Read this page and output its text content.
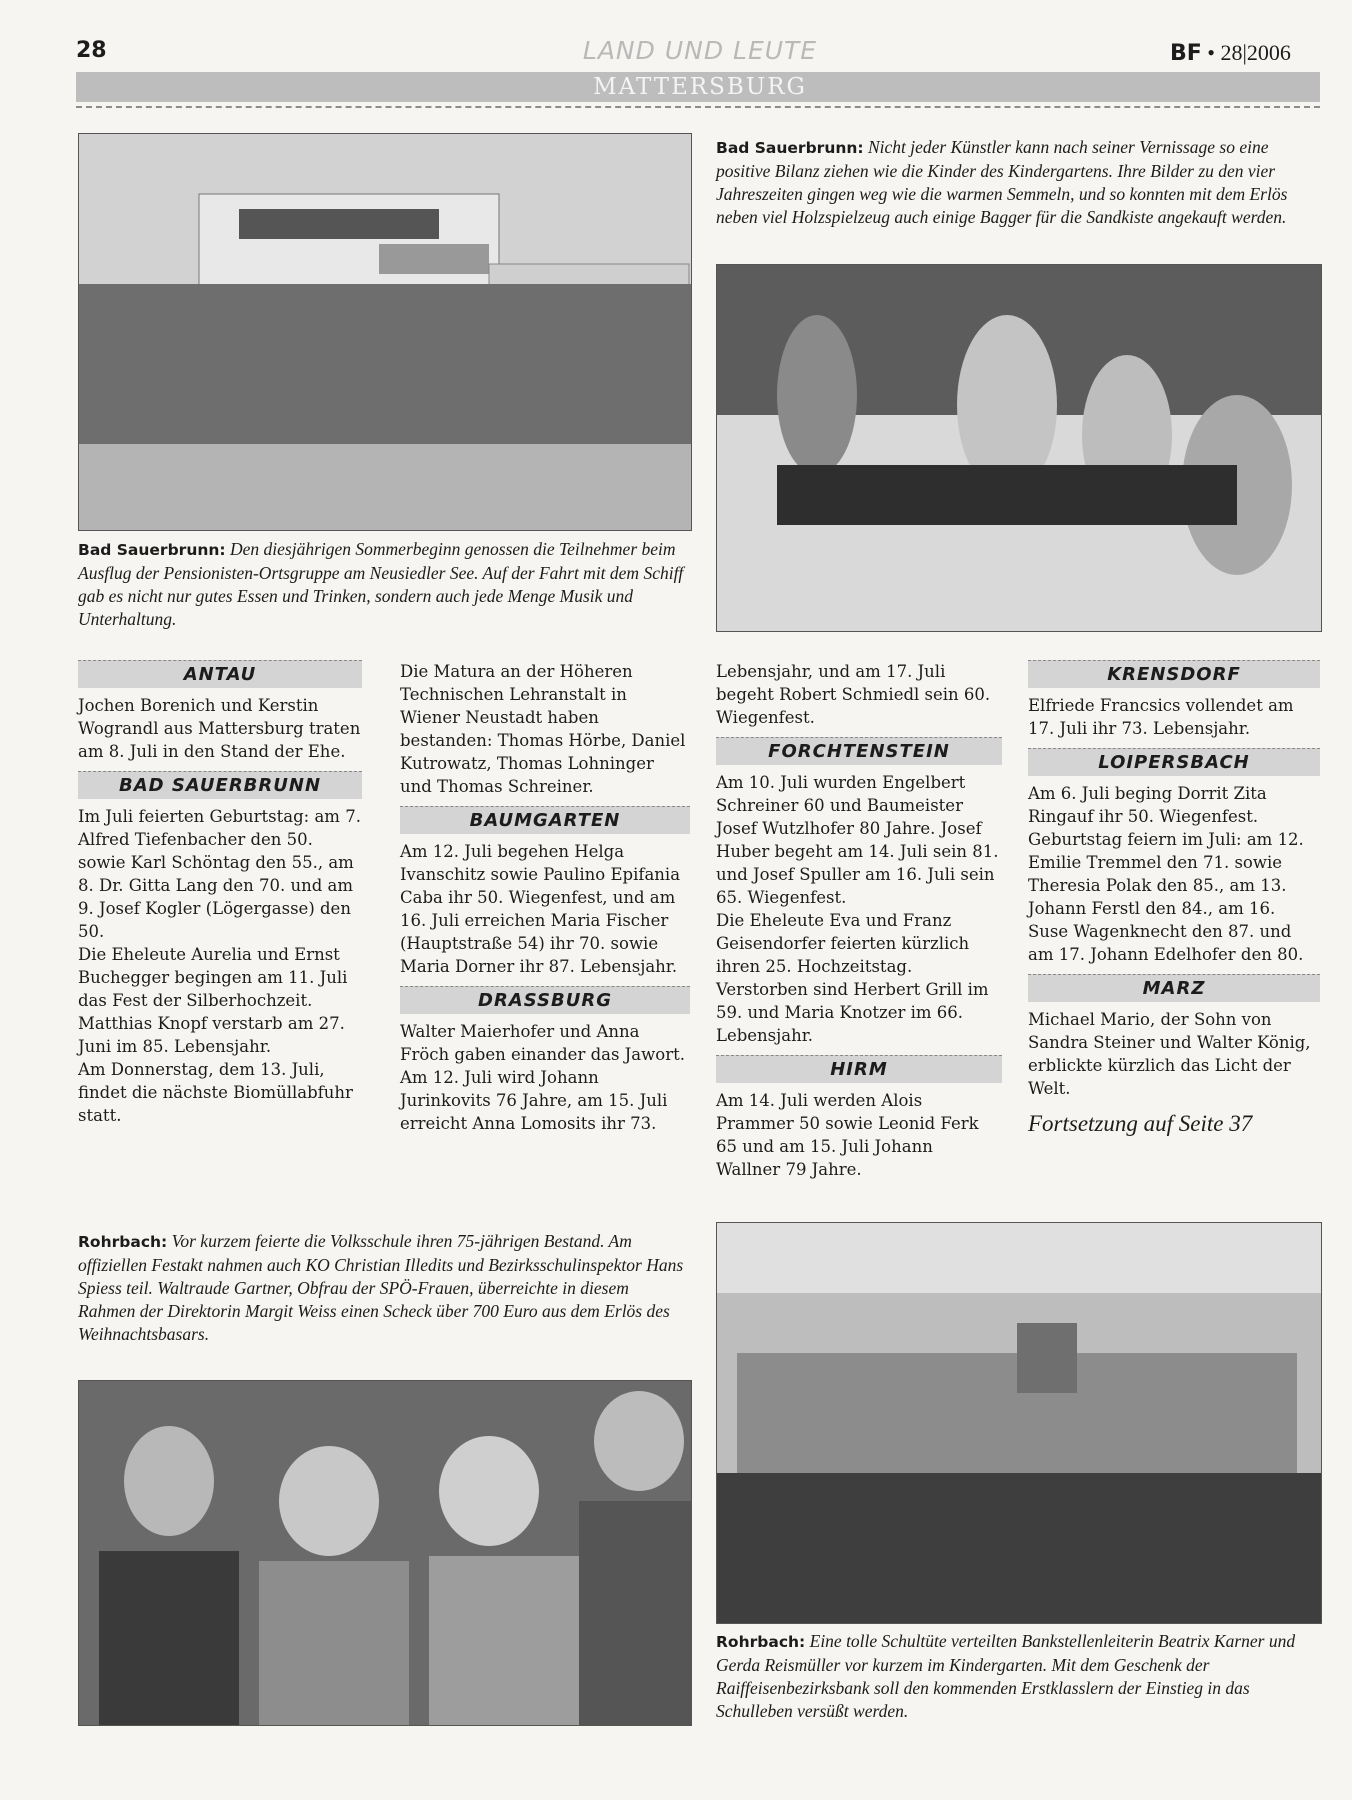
28	LAND UND LEUTE	BF • 28|2006
MATTERSBURG
Bad Sauerbrunn: Nicht jeder Künstler kann nach seiner Vernissage so eine positive Bilanz ziehen wie die Kinder des Kindergartens. Ihre Bilder zu den vier Jahreszeiten gingen weg wie die warmen Semmeln, und so konnten mit dem Erlös neben viel Holzspielzeug auch einige Bagger für die Sandkiste angekauft werden.
Bad Sauerbrunn: Den diesjährigen Sommerbeginn genossen die Teilnehmer beim Ausflug der Pensionisten-Ortsgruppe am Neusiedler See. Auf der Fahrt mit dem Schiff gab es nicht nur gutes Essen und Trinken, sondern auch jede Menge Musik und Unterhaltung.
ANTAU

Jochen Borenich und Kerstin Wograndl aus Mattersburg traten am 8. Juli in den Stand der Ehe.

BAD SAUERBRUNN

Im Juli feierten Geburtstag: am 7. Alfred Tiefenbacher den 50. sowie Karl Schöntag den 55., am 8. Dr. Gitta Lang den 70. und am 9. Josef Kogler (Lögergasse) den 50.

Die Eheleute Aurelia und Ernst Buchegger begingen am 11. Juli das Fest der Silberhochzeit.

Matthias Knopf verstarb am 27. Juni im 85. Lebensjahr.

Am Donnerstag, dem 13. Juli, findet die nächste Biomüllabfuhr statt.

Die Matura an der Höheren Technischen Lehranstalt in Wiener Neustadt haben bestanden: Thomas Hörbe, Daniel Kutrowatz, Thomas Lohninger und Thomas Schreiner.

BAUMGARTEN

Am 12. Juli begehen Helga Ivanschitz sowie Paulino Epifania Caba ihr 50. Wiegenfest, und am 16. Juli erreichen Maria Fischer (Hauptstraße 54) ihr 70. sowie Maria Dorner ihr 87. Lebensjahr.

DRASSBURG

Walter Maierhofer und Anna Fröch gaben einander das Jawort.

Am 12. Juli wird Johann Jurinkovits 76 Jahre, am 15. Juli erreicht Anna Lomosits ihr 73.

Lebensjahr, und am 17. Juli begeht Robert Schmiedl sein 60. Wiegenfest.

FORCHTENSTEIN

Am 10. Juli wurden Engelbert Schreiner 60 und Baumeister Josef Wutzlhofer 80 Jahre. Josef Huber begeht am 14. Juli sein 81. und Josef Spuller am 16. Juli sein 65. Wiegenfest.

Die Eheleute Eva und Franz Geisendorfer feierten kürzlich ihren 25. Hochzeitstag.

Verstorben sind Herbert Grill im 59. und Maria Knotzer im 66. Lebensjahr.

HIRM

Am 14. Juli werden Alois Prammer 50 sowie Leonid Ferk 65 und am 15. Juli Johann Wallner 79 Jahre.

KRENSDORF

Elfriede Francsics vollendet am 17. Juli ihr 73. Lebensjahr.

LOIPERSBACH

Am 6. Juli beging Dorrit Zita Ringauf ihr 50. Wiegenfest.

Geburtstag feiern im Juli: am 12. Emilie Tremmel den 71. sowie Theresia Polak den 85., am 13. Johann Ferstl den 84., am 16. Suse Wagenknecht den 87. und am 17. Johann Edelhofer den 80.

MARZ

Michael Mario, der Sohn von Sandra Steiner und Walter König, erblickte kürzlich das Licht der Welt.

Fortsetzung auf Seite 37

Rohrbach: Vor kurzem feierte die Volksschule ihren 75-jährigen Bestand. Am offiziellen Festakt nahmen auch KO Christian Illedits und Bezirksschulinspektor Hans Spiess teil. Waltraude Gartner, Obfrau der SPÖ-Frauen, überreichte in diesem Rahmen der Direktorin Margit Weiss einen Scheck über 700 Euro aus dem Erlös des Weihnachtsbasars.
Rohrbach: Eine tolle Schultüte verteilten Bankstellenleiterin Beatrix Karner und Gerda Reismüller vor kurzem im Kindergarten. Mit dem Geschenk der Raiffeisenbezirksbank soll den kommenden Erstklasslern der Einstieg in das Schulleben versüßt werden.
